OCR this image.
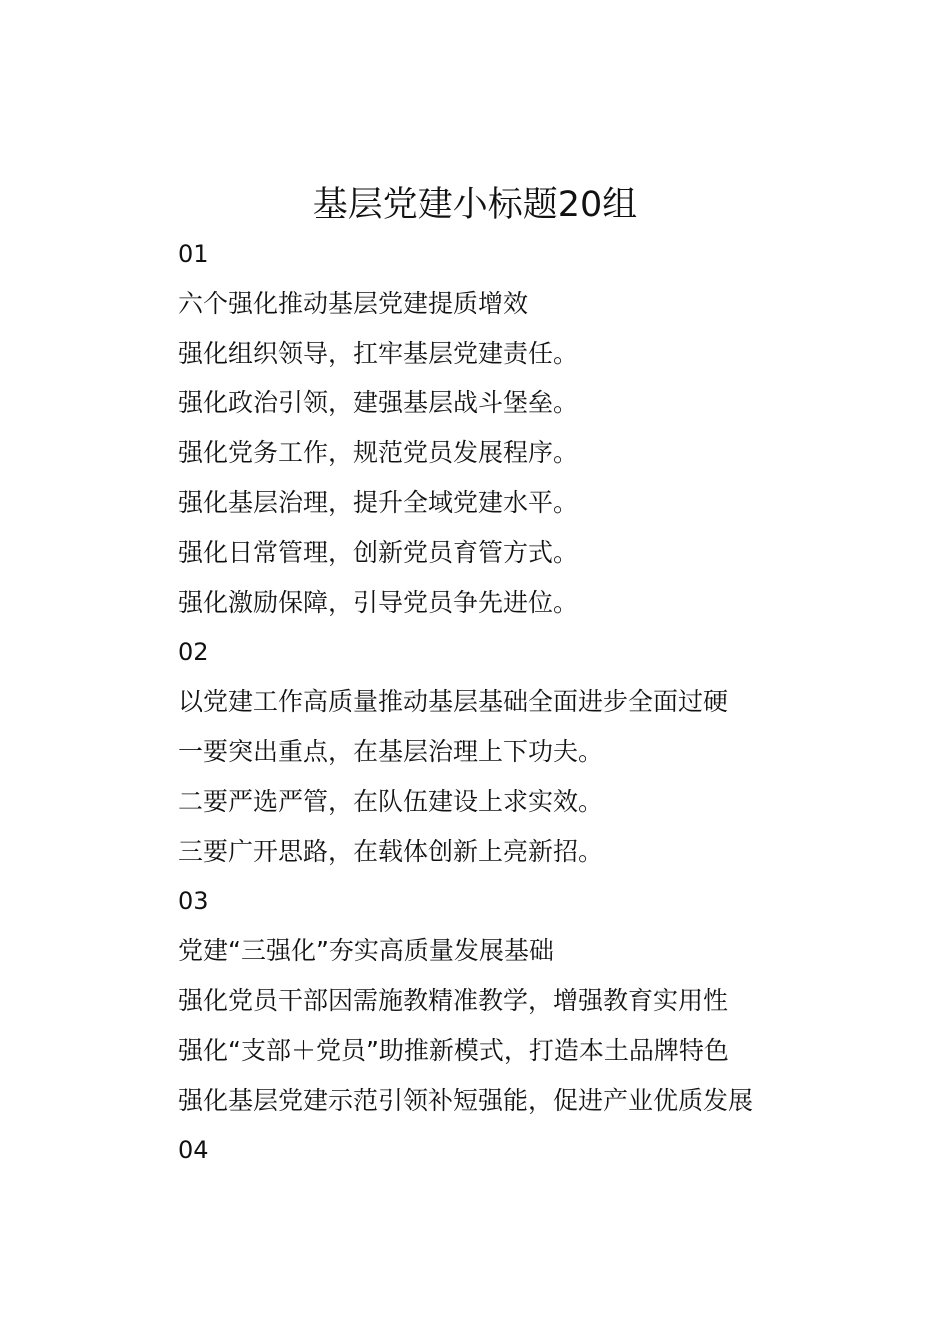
基层党建小标题20组
01
六个强化推动基层党建提质增效
强化组织领导，扛牢基层党建责任。
强化政治引领，建强基层战斗堡垒。
强化党务工作，规范党员发展程序。
强化基层治理，提升全域党建水平。
强化日常管理，创新党员育管方式。
强化激励保障，引导党员争先进位。
02
以党建工作高质量推动基层基础全面进步全面过硬
一要突出重点，在基层治理上下功夫。
二要严选严管，在队伍建设上求实效。
三要广开思路，在载体创新上亮新招。
03
党建“三强化”夯实高质量发展基础
强化党员干部因需施教精准教学，增强教育实用性
强化“支部＋党员”助推新模式，打造本土品牌特色
强化基层党建示范引领补短强能，促进产业优质发展
04
